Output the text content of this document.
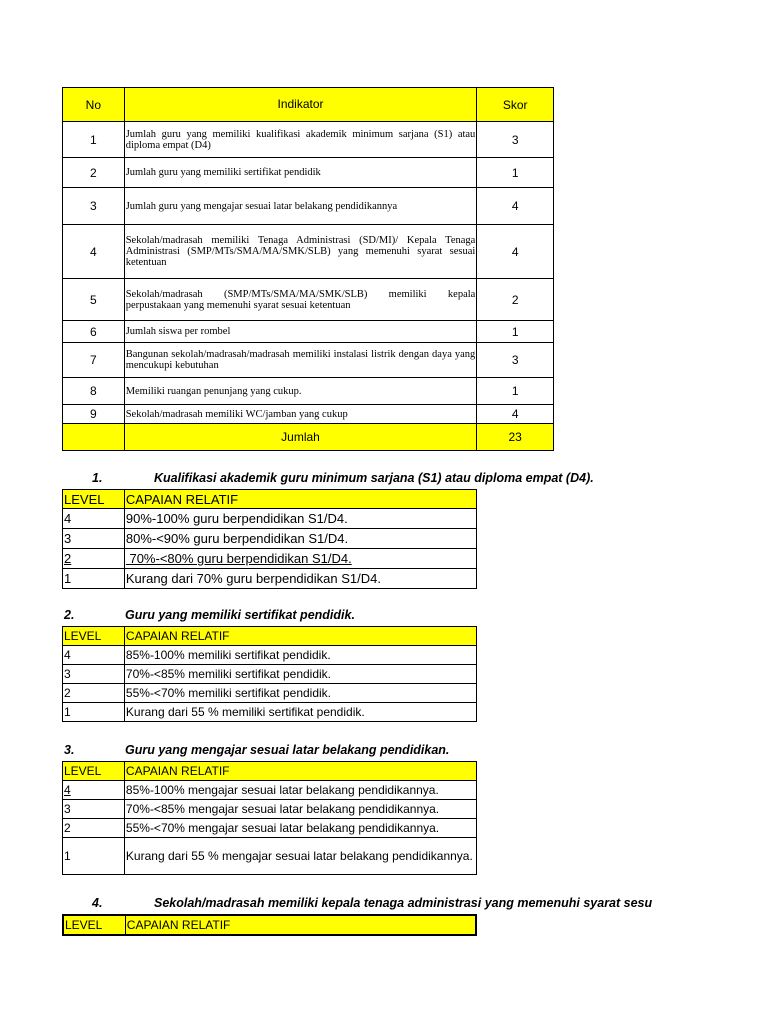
No	Indikator	Skor
1	Jumlah guru yang memiliki kualifikasi akademik minimum sarjana (S1) atau diploma empat (D4)	3
2	Jumlah guru yang memiliki sertifikat pendidik	1
3	Jumlah guru yang mengajar sesuai latar belakang pendidikannya	4
4	Sekolah/madrasah memiliki Tenaga Administrasi (SD/MI)/ Kepala Tenaga Administrasi (SMP/MTs/SMA/MA/SMK/SLB) yang memenuhi syarat sesuai ketentuan	4
5	Sekolah/madrasah (SMP/MTs/SMA/MA/SMK/SLB) memiliki kepala perpustakaan yang memenuhi syarat sesuai ketentuan	2
6	Jumlah siswa per rombel	1
7	Bangunan sekolah/madrasah/madrasah memiliki instalasi listrik dengan daya yang mencukupi kebutuhan	3
8	Memiliki ruangan penunjang yang cukup.	1
9	Sekolah/madrasah memiliki WC/jamban yang cukup	4
	Jumlah	23
1.	Kualifikasi akademik guru minimum sarjana (S1) atau diploma empat (D4).
LEVEL	CAPAIAN RELATIF
4	90%-100% guru berpendidikan S1/D4.
3	80%-<90% guru berpendidikan S1/D4.
2	70%-<80% guru berpendidikan S1/D4.
1	Kurang dari 70% guru berpendidikan S1/D4.
2.	Guru yang memiliki sertifikat pendidik.
LEVEL	CAPAIAN RELATIF
4	85%-100% memiliki sertifikat pendidik.
3	70%-<85% memiliki sertifikat pendidik.
2	55%-<70% memiliki sertifikat pendidik.
1	Kurang dari 55 % memiliki sertifikat pendidik.
3.	Guru yang mengajar sesuai latar belakang pendidikan.
LEVEL	CAPAIAN RELATIF
4	85%-100% mengajar sesuai latar belakang pendidikannya.
3	70%-<85% mengajar sesuai latar belakang pendidikannya.
2	55%-<70% mengajar sesuai latar belakang pendidikannya.
1	Kurang dari 55 % mengajar sesuai latar belakang pendidikannya.
4.	Sekolah/madrasah memiliki kepala tenaga administrasi yang memenuhi syarat sesu
LEVEL	CAPAIAN RELATIF
